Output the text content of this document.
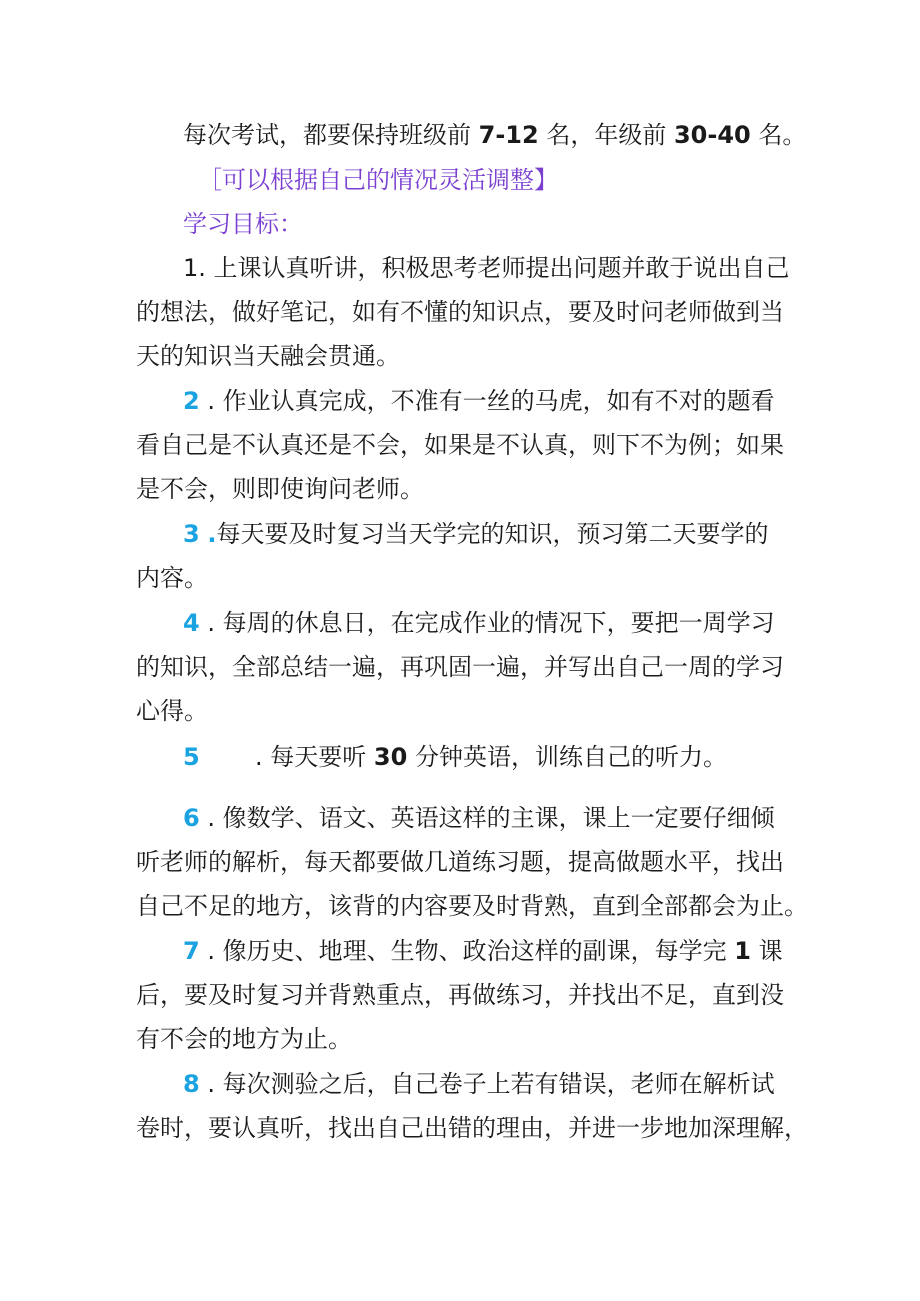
每次考试，都要保持班级前 7-12 名，年级前 30-40 名。
［可以根据自己的情况灵活调整】
学习目标：
1. 上课认真听讲，积极思考老师提出问题并敢于说出自己
的想法，做好笔记，如有不懂的知识点，要及时问老师做到当
天的知识当天融会贯通。
2 . 作业认真完成，不准有一丝的马虎，如有不对的题看
看自己是不认真还是不会，如果是不认真，则下不为例；如果
是不会，则即使询问老师。
3 .每天要及时复习当天学完的知识，预习第二天要学的
内容。
4 . 每周的休息日，在完成作业的情况下，要把一周学习
的知识，全部总结一遍，再巩固一遍，并写出自己一周的学习
心得。
5 . 每天要听 30 分钟英语，训练自己的听力。
6 . 像数学、语文、英语这样的主课，课上一定要仔细倾
听老师的解析，每天都要做几道练习题，提高做题水平，找出
自己不足的地方，该背的内容要及时背熟，直到全部都会为止。
7 . 像历史、地理、生物、政治这样的副课，每学完 1 课
后，要及时复习并背熟重点，再做练习，并找出不足，直到没
有不会的地方为止。
8 . 每次测验之后，自己卷子上若有错误，老师在解析试
卷时，要认真听，找出自己出错的理由，并进一步地加深理解，
